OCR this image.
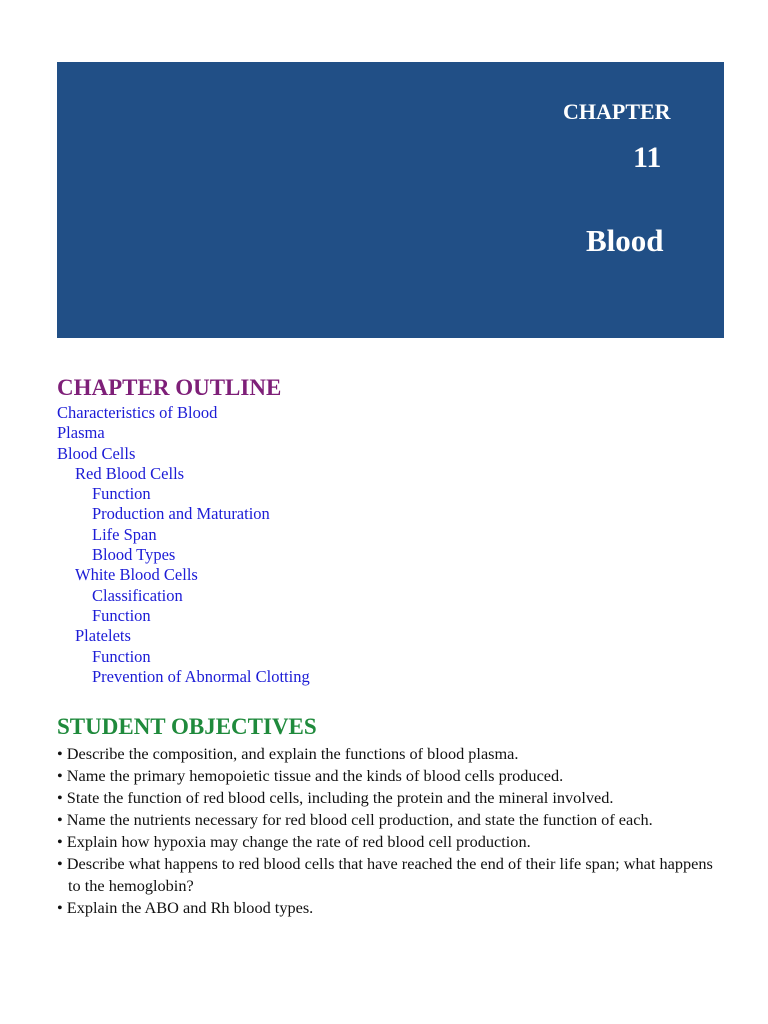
CHAPTER
11
Blood
CHAPTER OUTLINE
Characteristics of Blood
Plasma
Blood Cells
Red Blood Cells
Function
Production and Maturation
Life Span
Blood Types
White Blood Cells
Classification
Function
Platelets
Function
Prevention of Abnormal Clotting
STUDENT OBJECTIVES
• Describe the composition, and explain the functions of blood plasma.
• Name the primary hemopoietic tissue and the kinds of blood cells produced.
• State the function of red blood cells, including the protein and the mineral involved.
• Name the nutrients necessary for red blood cell production, and state the function of each.
• Explain how hypoxia may change the rate of red blood cell production.
• Describe what happens to red blood cells that have reached the end of their life span; what happens to the hemoglobin?
• Explain the ABO and Rh blood types.
